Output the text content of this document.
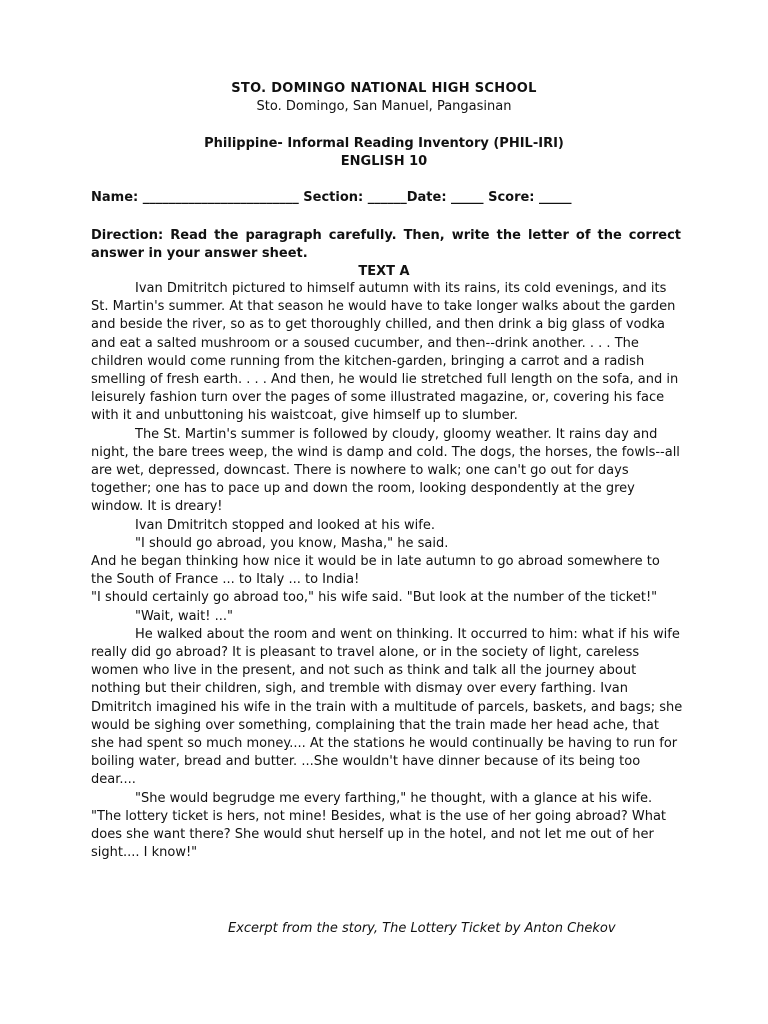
STO. DOMINGO NATIONAL HIGH SCHOOL
Sto. Domingo, San Manuel, Pangasinan
Philippine- Informal Reading Inventory (PHIL-IRI)
ENGLISH 10
Name: ________________________ Section: ______Date: _____ Score: _____
Direction: Read the paragraph carefully. Then, write the letter of the correct answer in your answer sheet.
TEXT A

Ivan Dmitritch pictured to himself autumn with its rains, its cold evenings, and its St. Martin's summer. At that season he would have to take longer walks about the garden and beside the river, so as to get thoroughly chilled, and then drink a big glass of vodka and eat a salted mushroom or a soused cucumber, and then--drink another. . . . The children would come running from the kitchen-garden, bringing a carrot and a radish smelling of fresh earth. . . . And then, he would lie stretched full length on the sofa, and in leisurely fashion turn over the pages of some illustrated magazine, or, covering his face with it and unbuttoning his waistcoat, give himself up to slumber.

The St. Martin's summer is followed by cloudy, gloomy weather. It rains day and night, the bare trees weep, the wind is damp and cold. The dogs, the horses, the fowls--all are wet, depressed, downcast. There is nowhere to walk; one can't go out for days together; one has to pace up and down the room, looking despondently at the grey window. It is dreary!

Ivan Dmitritch stopped and looked at his wife.

"I should go abroad, you know, Masha," he said.

And he began thinking how nice it would be in late autumn to go abroad somewhere to the South of France ... to Italy ... to India!

"I should certainly go abroad too," his wife said. "But look at the number of the ticket!"

"Wait, wait! ..."

He walked about the room and went on thinking. It occurred to him: what if his wife really did go abroad? It is pleasant to travel alone, or in the society of light, careless women who live in the present, and not such as think and talk all the journey about nothing but their children, sigh, and tremble with dismay over every farthing. Ivan Dmitritch imagined his wife in the train with a multitude of parcels, baskets, and bags; she would be sighing over something, complaining that the train made her head ache, that she had spent so much money.... At the stations he would continually be having to run for boiling water, bread and butter. ...She wouldn't have dinner because of its being too dear....

"She would begrudge me every farthing," he thought, with a glance at his wife. "The lottery ticket is hers, not mine! Besides, what is the use of her going abroad? What does she want there? She would shut herself up in the hotel, and not let me out of her sight.... I know!"

Excerpt from the story, The Lottery Ticket by Anton Chekov
